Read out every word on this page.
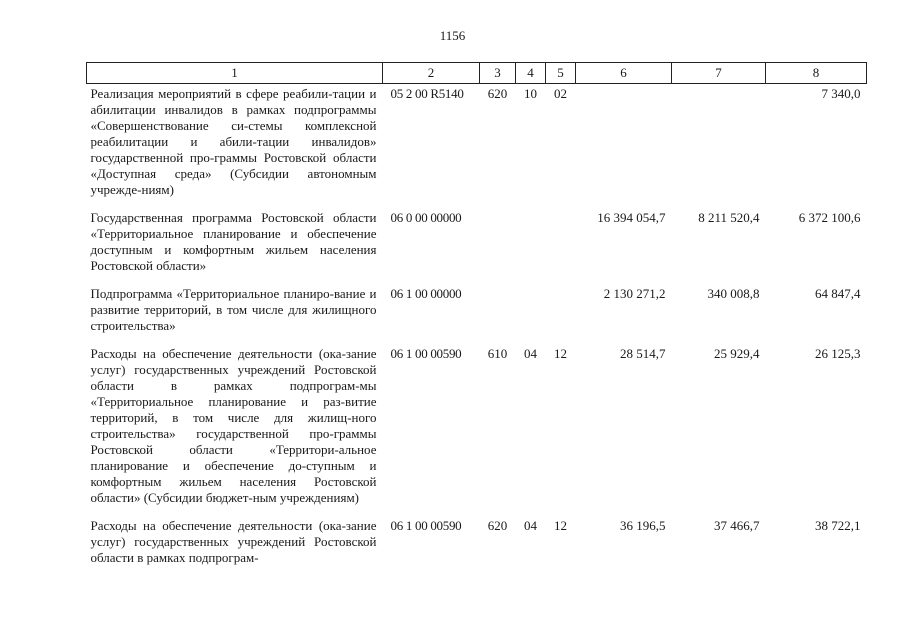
1156
1	2	3	4	5	6	7	8
Реализация мероприятий в сфере реабили-тации и абилитации инвалидов в рамках подпрограммы «Совершенствование си-стемы комплексной реабилитации и абили-тации инвалидов» государственной про-граммы Ростовской области «Доступная среда» (Субсидии автономным учрежде-ниям)	05 2 00 R5140	620	10	02			7 340,0

Государственная программа Ростовской области «Территориальное планирование и обеспечение доступным и комфортным жильем населения Ростовской области»	06 0 00 00000				16 394 054,7	8 211 520,4	6 372 100,6

Подпрограмма «Территориальное планиро-вание и развитие территорий, в том числе для жилищного строительства»	06 1 00 00000				2 130 271,2	340 008,8	64 847,4

Расходы на обеспечение деятельности (ока-зание услуг) государственных учреждений Ростовской области в рамках подпрограм-мы «Территориальное планирование и раз-витие территорий, в том числе для жилищ-ного строительства» государственной про-граммы Ростовской области «Территори-альное планирование и обеспечение до-ступным и комфортным жильем населения Ростовской области» (Субсидии бюджет-ным учреждениям)	06 1 00 00590	610	04	12	28 514,7	25 929,4	26 125,3

Расходы на обеспечение деятельности (ока-зание услуг) государственных учреждений Ростовской области в рамках подпрограм-	06 1 00 00590	620	04	12	36 196,5	37 466,7	38 722,1
